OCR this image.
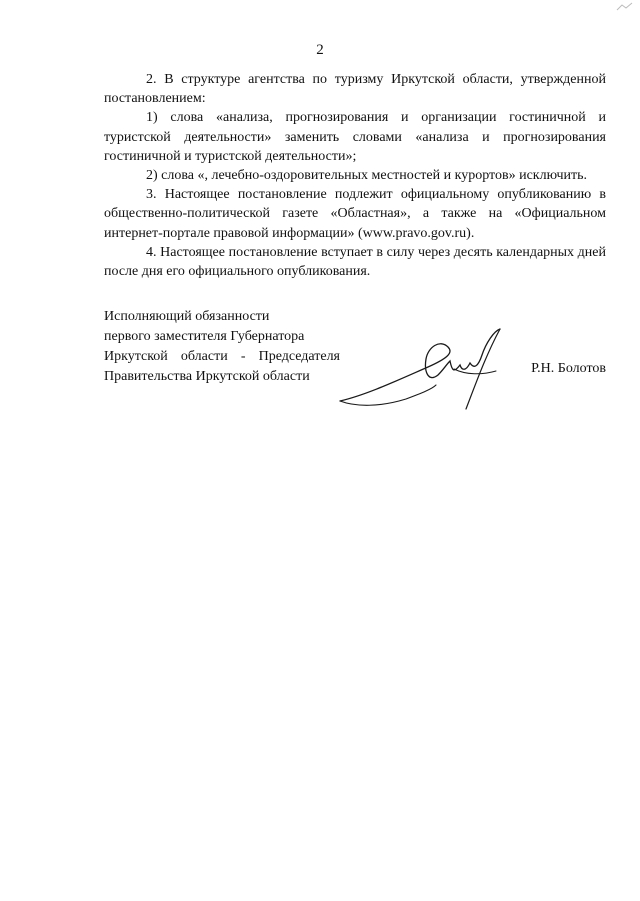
2

2. В структуре агентства по туризму Иркутской области, утвержденной постановлением:

1) слова «анализа, прогнозирования и организации гостиничной и туристской деятельности» заменить словами «анализа и прогнозирования гостиничной и туристской деятельности»;

2) слова «, лечебно-оздоровительных местностей и курортов» исключить.

3. Настоящее постановление подлежит официальному опубликованию в общественно-политической газете «Областная», а также на «Официальном интернет-портале правовой информации» (www.pravo.gov.ru).

4. Настоящее постановление вступает в силу через десять календарных дней после дня его официального опубликования.

Исполняющий обязанности
первого заместителя Губернатора
Иркутской области - Председателя
Правительства Иркутской области
Р.Н. Болотов
